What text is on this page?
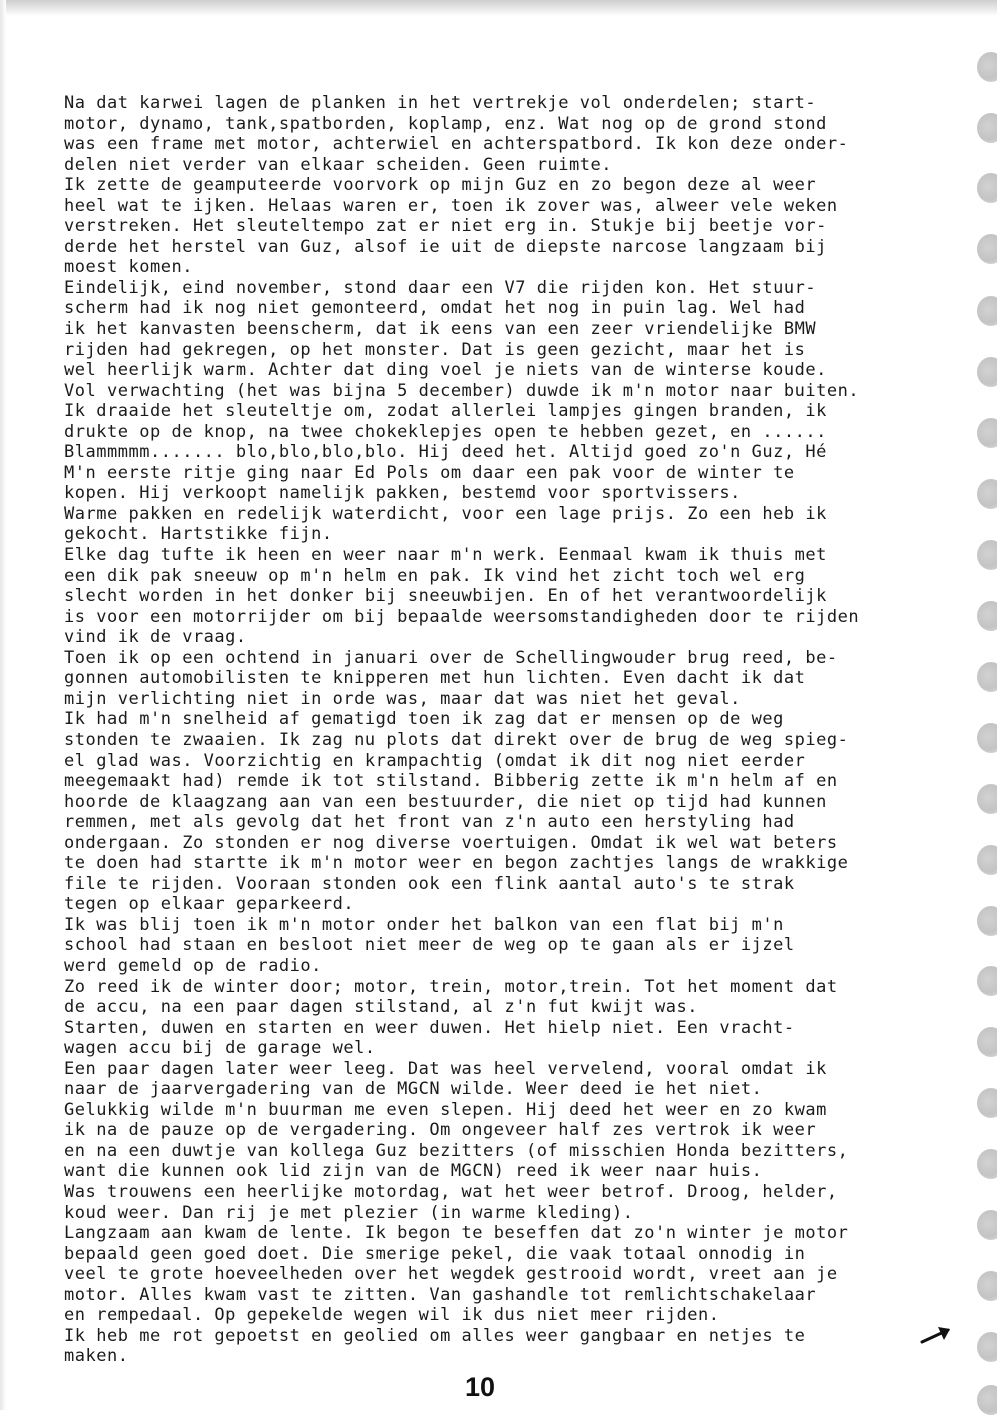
Na dat karwei lagen de planken in het vertrekje vol onderdelen; start-
motor, dynamo, tank,spatborden, koplamp, enz. Wat nog op de grond stond
was een frame met motor, achterwiel en achterspatbord. Ik kon deze onder-
delen niet verder van elkaar scheiden. Geen ruimte.
Ik zette de geamputeerde voorvork op mijn Guz en zo begon deze al weer
heel wat te ijken. Helaas waren er, toen ik zover was, alweer vele weken
verstreken. Het sleuteltempo zat er niet erg in. Stukje bij beetje vor-
derde het herstel van Guz, alsof ie uit de diepste narcose langzaam bij
moest komen.
Eindelijk, eind november, stond daar een V7 die rijden kon. Het stuur-
scherm had ik nog niet gemonteerd, omdat het nog in puin lag. Wel had
ik het kanvasten beenscherm, dat ik eens van een zeer vriendelijke BMW
rijden had gekregen, op het monster. Dat is geen gezicht, maar het is
wel heerlijk warm. Achter dat ding voel je niets van de winterse koude.
Vol verwachting (het was bijna 5 december) duwde ik m'n motor naar buiten.
Ik draaide het sleuteltje om, zodat allerlei lampjes gingen branden, ik
drukte op de knop, na twee chokeklepjes open te hebben gezet, en ......
Blammmmm....... blo,blo,blo,blo. Hij deed het. Altijd goed zo'n Guz, Hé
M'n eerste ritje ging naar Ed Pols om daar een pak voor de winter te
kopen. Hij verkoopt namelijk pakken, bestemd voor sportvissers.
Warme pakken en redelijk waterdicht, voor een lage prijs. Zo een heb ik
gekocht. Hartstikke fijn.
Elke dag tufte ik heen en weer naar m'n werk. Eenmaal kwam ik thuis met
een dik pak sneeuw op m'n helm en pak. Ik vind het zicht toch wel erg
slecht worden in het donker bij sneeuwbijen. En of het verantwoordelijk
is voor een motorrijder om bij bepaalde weersomstandigheden door te rijden
vind ik de vraag.
Toen ik op een ochtend in januari over de Schellingwouder brug reed, be-
gonnen automobilisten te knipperen met hun lichten. Even dacht ik dat
mijn verlichting niet in orde was, maar dat was niet het geval.
Ik had m'n snelheid af gematigd toen ik zag dat er mensen op de weg
stonden te zwaaien. Ik zag nu plots dat direkt over de brug de weg spieg-
el glad was. Voorzichtig en krampachtig (omdat ik dit nog niet eerder
meegemaakt had) remde ik tot stilstand. Bibberig zette ik m'n helm af en
hoorde de klaagzang aan van een bestuurder, die niet op tijd had kunnen
remmen, met als gevolg dat het front van z'n auto een herstyling had
ondergaan. Zo stonden er nog diverse voertuigen. Omdat ik wel wat beters
te doen had startte ik m'n motor weer en begon zachtjes langs de wrakkige
file te rijden. Vooraan stonden ook een flink aantal auto's te strak
tegen op elkaar geparkeerd.
Ik was blij toen ik m'n motor onder het balkon van een flat bij m'n
school had staan en besloot niet meer de weg op te gaan als er ijzel
werd gemeld op de radio.
Zo reed ik de winter door; motor, trein, motor,trein. Tot het moment dat
de accu, na een paar dagen stilstand, al z'n fut kwijt was.
Starten, duwen en starten en weer duwen. Het hielp niet. Een vracht-
wagen accu bij de garage wel.
Een paar dagen later weer leeg. Dat was heel vervelend, vooral omdat ik
naar de jaarvergadering van de MGCN wilde. Weer deed ie het niet.
Gelukkig wilde m'n buurman me even slepen. Hij deed het weer en zo kwam
ik na de pauze op de vergadering. Om ongeveer half zes vertrok ik weer
en na een duwtje van kollega Guz bezitters (of misschien Honda bezitters,
want die kunnen ook lid zijn van de MGCN) reed ik weer naar huis.
Was trouwens een heerlijke motordag, wat het weer betrof. Droog, helder,
koud weer. Dan rij je met plezier (in warme kleding).
Langzaam aan kwam de lente. Ik begon te beseffen dat zo'n winter je motor
bepaald geen goed doet. Die smerige pekel, die vaak totaal onnodig in
veel te grote hoeveelheden over het wegdek gestrooid wordt, vreet aan je
motor. Alles kwam vast te zitten. Van gashandle tot remlichtschakelaar
en rempedaal. Op gepekelde wegen wil ik dus niet meer rijden.
Ik heb me rot gepoetst en geolied om alles weer gangbaar en netjes te
maken.
10
